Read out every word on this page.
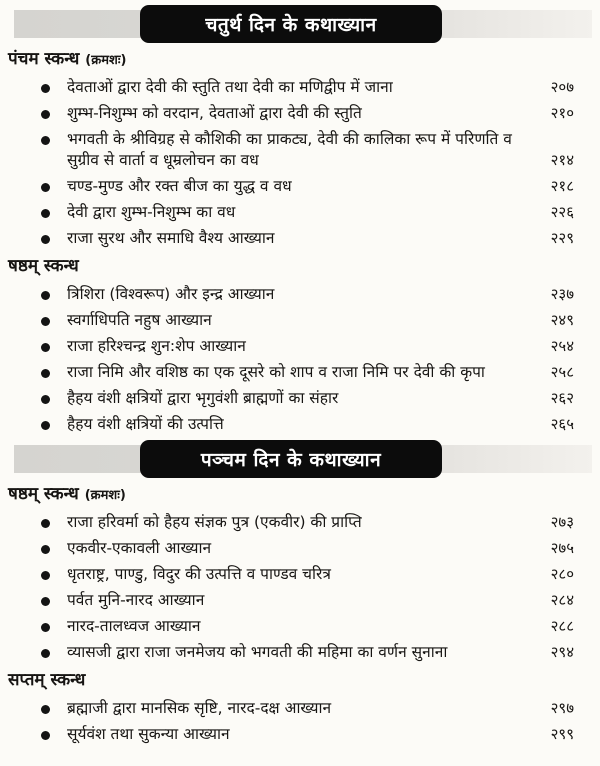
चतुर्थ दिन के कथाख्यान
पंचम स्कन्ध (क्रमशः)
देवताओं द्वारा देवी की स्तुति तथा देवी का मणिद्वीप में जाना	२०७
शुम्भ-निशुम्भ को वरदान, देवताओं द्वारा देवी की स्तुति	२१०
भगवती के श्रीविग्रह से कौशिकी का प्राकट्य, देवी की कालिका रूप में परिणति व सुग्रीव से वार्ता व धूम्रलोचन का वध	२१४
चण्ड-मुण्ड और रक्त बीज का युद्ध व वध	२१८
देवी द्वारा शुम्भ-निशुम्भ का वध	२२६
राजा सुरथ और समाधि वैश्य आख्यान	२२९
षष्ठम् स्कन्ध
त्रिशिरा (विश्वरूप) और इन्द्र आख्यान	२३७
स्वर्गाधिपति नहुष आख्यान	२४९
राजा हरिश्चन्द्र शुन:शेप आख्यान	२५४
राजा निमि और वशिष्ठ का एक दूसरे को शाप व राजा निमि पर देवी की कृपा	२५८
हैहय वंशी क्षत्रियों द्वारा भृगुवंशी ब्राह्मणों का संहार	२६२
हैहय वंशी क्षत्रियों की उत्पत्ति	२६५
पञ्चम दिन के कथाख्यान
षष्ठम् स्कन्ध (क्रमशः)
राजा हरिवर्मा को हैहय संज्ञक पुत्र (एकवीर) की प्राप्ति	२७३
एकवीर-एकावली आख्यान	२७५
धृतराष्ट्र, पाण्डु, विदुर की उत्पत्ति व पाण्डव चरित्र	२८०
पर्वत मुनि-नारद आख्यान	२८४
नारद-तालध्वज आख्यान	२८८
व्यासजी द्वारा राजा जनमेजय को भगवती की महिमा का वर्णन सुनाना	२९४
सप्तम् स्कन्ध
ब्रह्माजी द्वारा मानसिक सृष्टि, नारद-दक्ष आख्यान	२९७
सूर्यवंश तथा सुकन्या आख्यान	२९९
